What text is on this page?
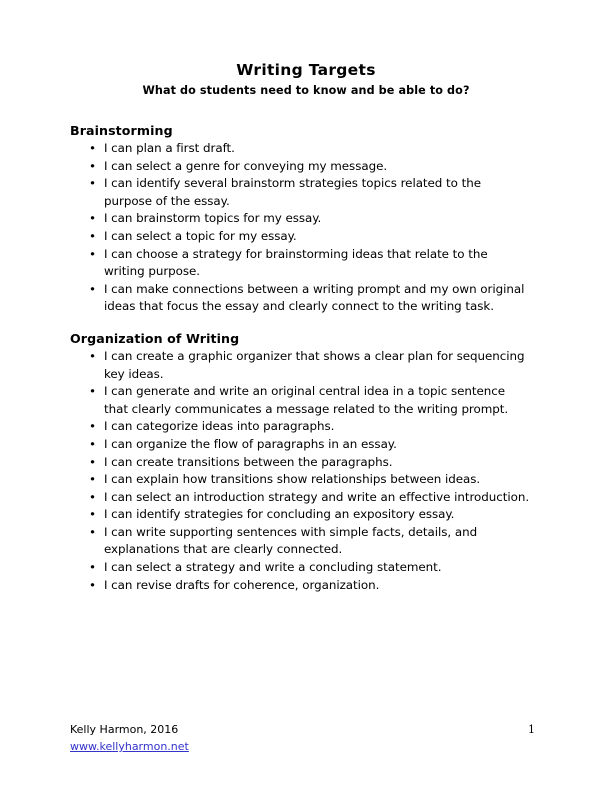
Writing Targets
What do students need to know and be able to do?
Brainstorming
• I can plan a first draft.
• I can select a genre for conveying my message.
• I can identify several brainstorm strategies topics related to the purpose of the essay.
• I can brainstorm topics for my essay.
• I can select a topic for my essay.
• I can choose a strategy for brainstorming ideas that relate to the writing purpose.
• I can make connections between a writing prompt and my own original ideas that focus the essay and clearly connect to the writing task.
Organization of Writing
• I can create a graphic organizer that shows a clear plan for sequencing key ideas.
• I can generate and write an original central idea in a topic sentence that clearly communicates a message related to the writing prompt.
• I can categorize ideas into paragraphs.
• I can organize the flow of paragraphs in an essay.
• I can create transitions between the paragraphs.
• I can explain how transitions show relationships between ideas.
• I can select an introduction strategy and write an effective introduction.
• I can identify strategies for concluding an expository essay.
• I can write supporting sentences with simple facts, details, and explanations that are clearly connected.
• I can select a strategy and write a concluding statement.
• I can revise drafts for coherence, organization.
Kelly Harmon, 2016
www.kellyharmon.net
1
